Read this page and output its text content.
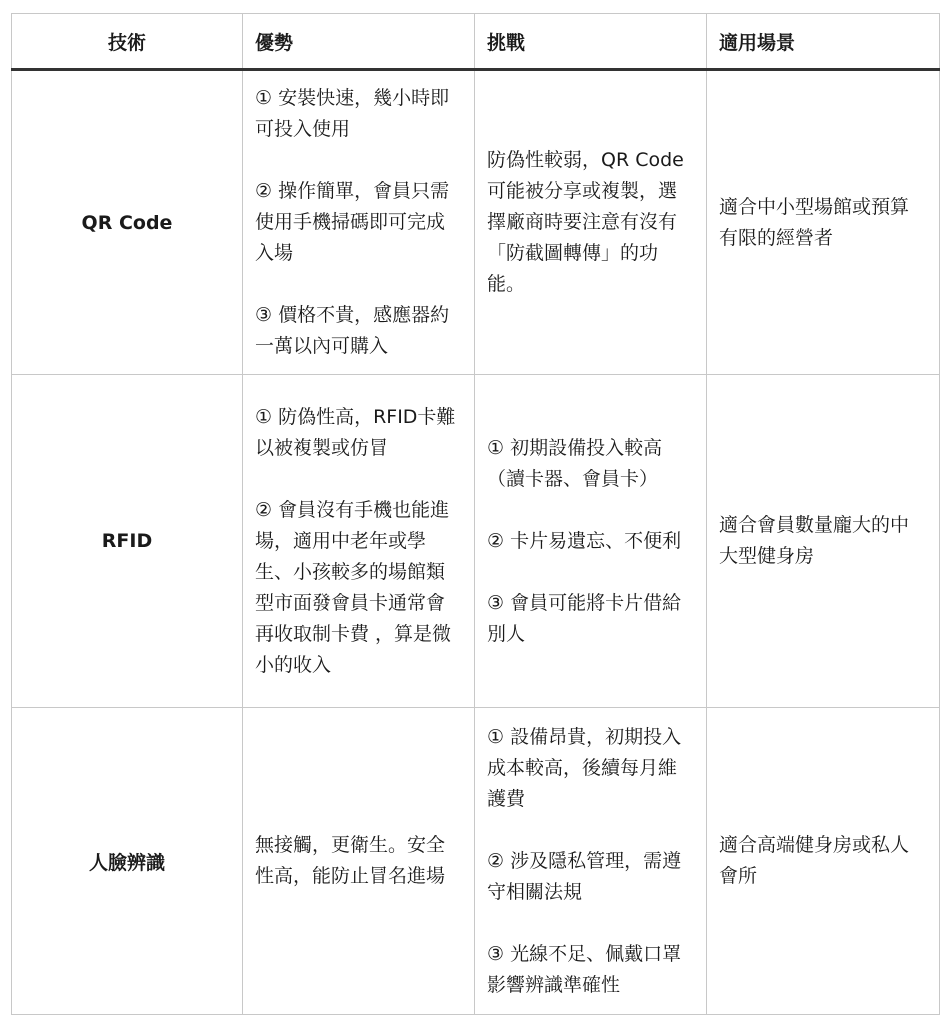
技術	優勢	挑戰	適用場景
QR Code	① 安裝快速，幾小時即可投入使用
② 操作簡單，會員只需使用手機掃碼即可完成入場
③ 價格不貴，感應器約一萬以內可購入	防偽性較弱，QR Code可能被分享或複製，選擇廠商時要注意有沒有「防截圖轉傳」的功能。	適合中小型場館或預算有限的經營者
RFID	① 防偽性高，RFID卡難以被複製或仿冒
② 會員沒有手機也能進場，適用中老年或學生、小孩較多的場館類型市面發會員卡通常會再收取制卡費 ，算是微小的收入	① 初期設備投入較高（讀卡器、會員卡）
② 卡片易遺忘、不便利
③ 會員可能將卡片借給別人	適合會員數量龐大的中大型健身房
人臉辨識	無接觸，更衛生。安全性高，能防止冒名進場	① 設備昂貴，初期投入成本較高，後續每月維護費
② 涉及隱私管理，需遵守相關法規
③ 光線不足、佩戴口罩影響辨識準確性	適合高端健身房或私人會所
